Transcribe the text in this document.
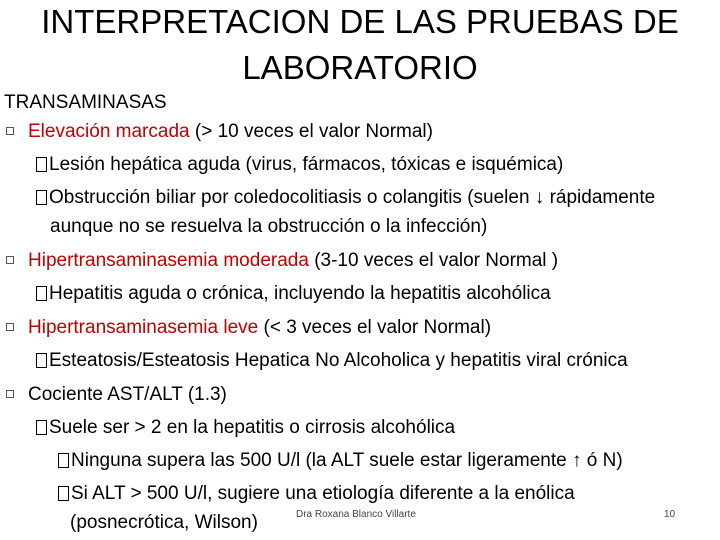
INTERPRETACION DE LAS PRUEBAS DE
LABORATORIO
TRANSAMINASAS
Elevación marcada (> 10 veces el valor Normal)
Lesión hepática aguda (virus, fármacos, tóxicas e isquémica)
Obstrucción biliar por coledocolitiasis o colangitis (suelen ↓ rápidamente
aunque no se resuelva la obstrucción o la infección)
Hipertransaminasemia moderada (3-10 veces el valor Normal )
Hepatitis aguda o crónica, incluyendo la hepatitis alcohólica
Hipertransaminasemia leve (< 3 veces el valor Normal)
Esteatosis/Esteatosis Hepatica No Alcoholica y hepatitis viral crónica
Cociente AST/ALT (1.3)
Suele ser > 2 en la hepatitis o cirrosis alcohólica
Ninguna supera las 500 U/l (la ALT suele estar ligeramente ↑ ó N)
Si ALT > 500 U/l, sugiere una etiología diferente a la enólica
(posnecrótica, Wilson)	Dra Roxana Blanco Villarte	10
